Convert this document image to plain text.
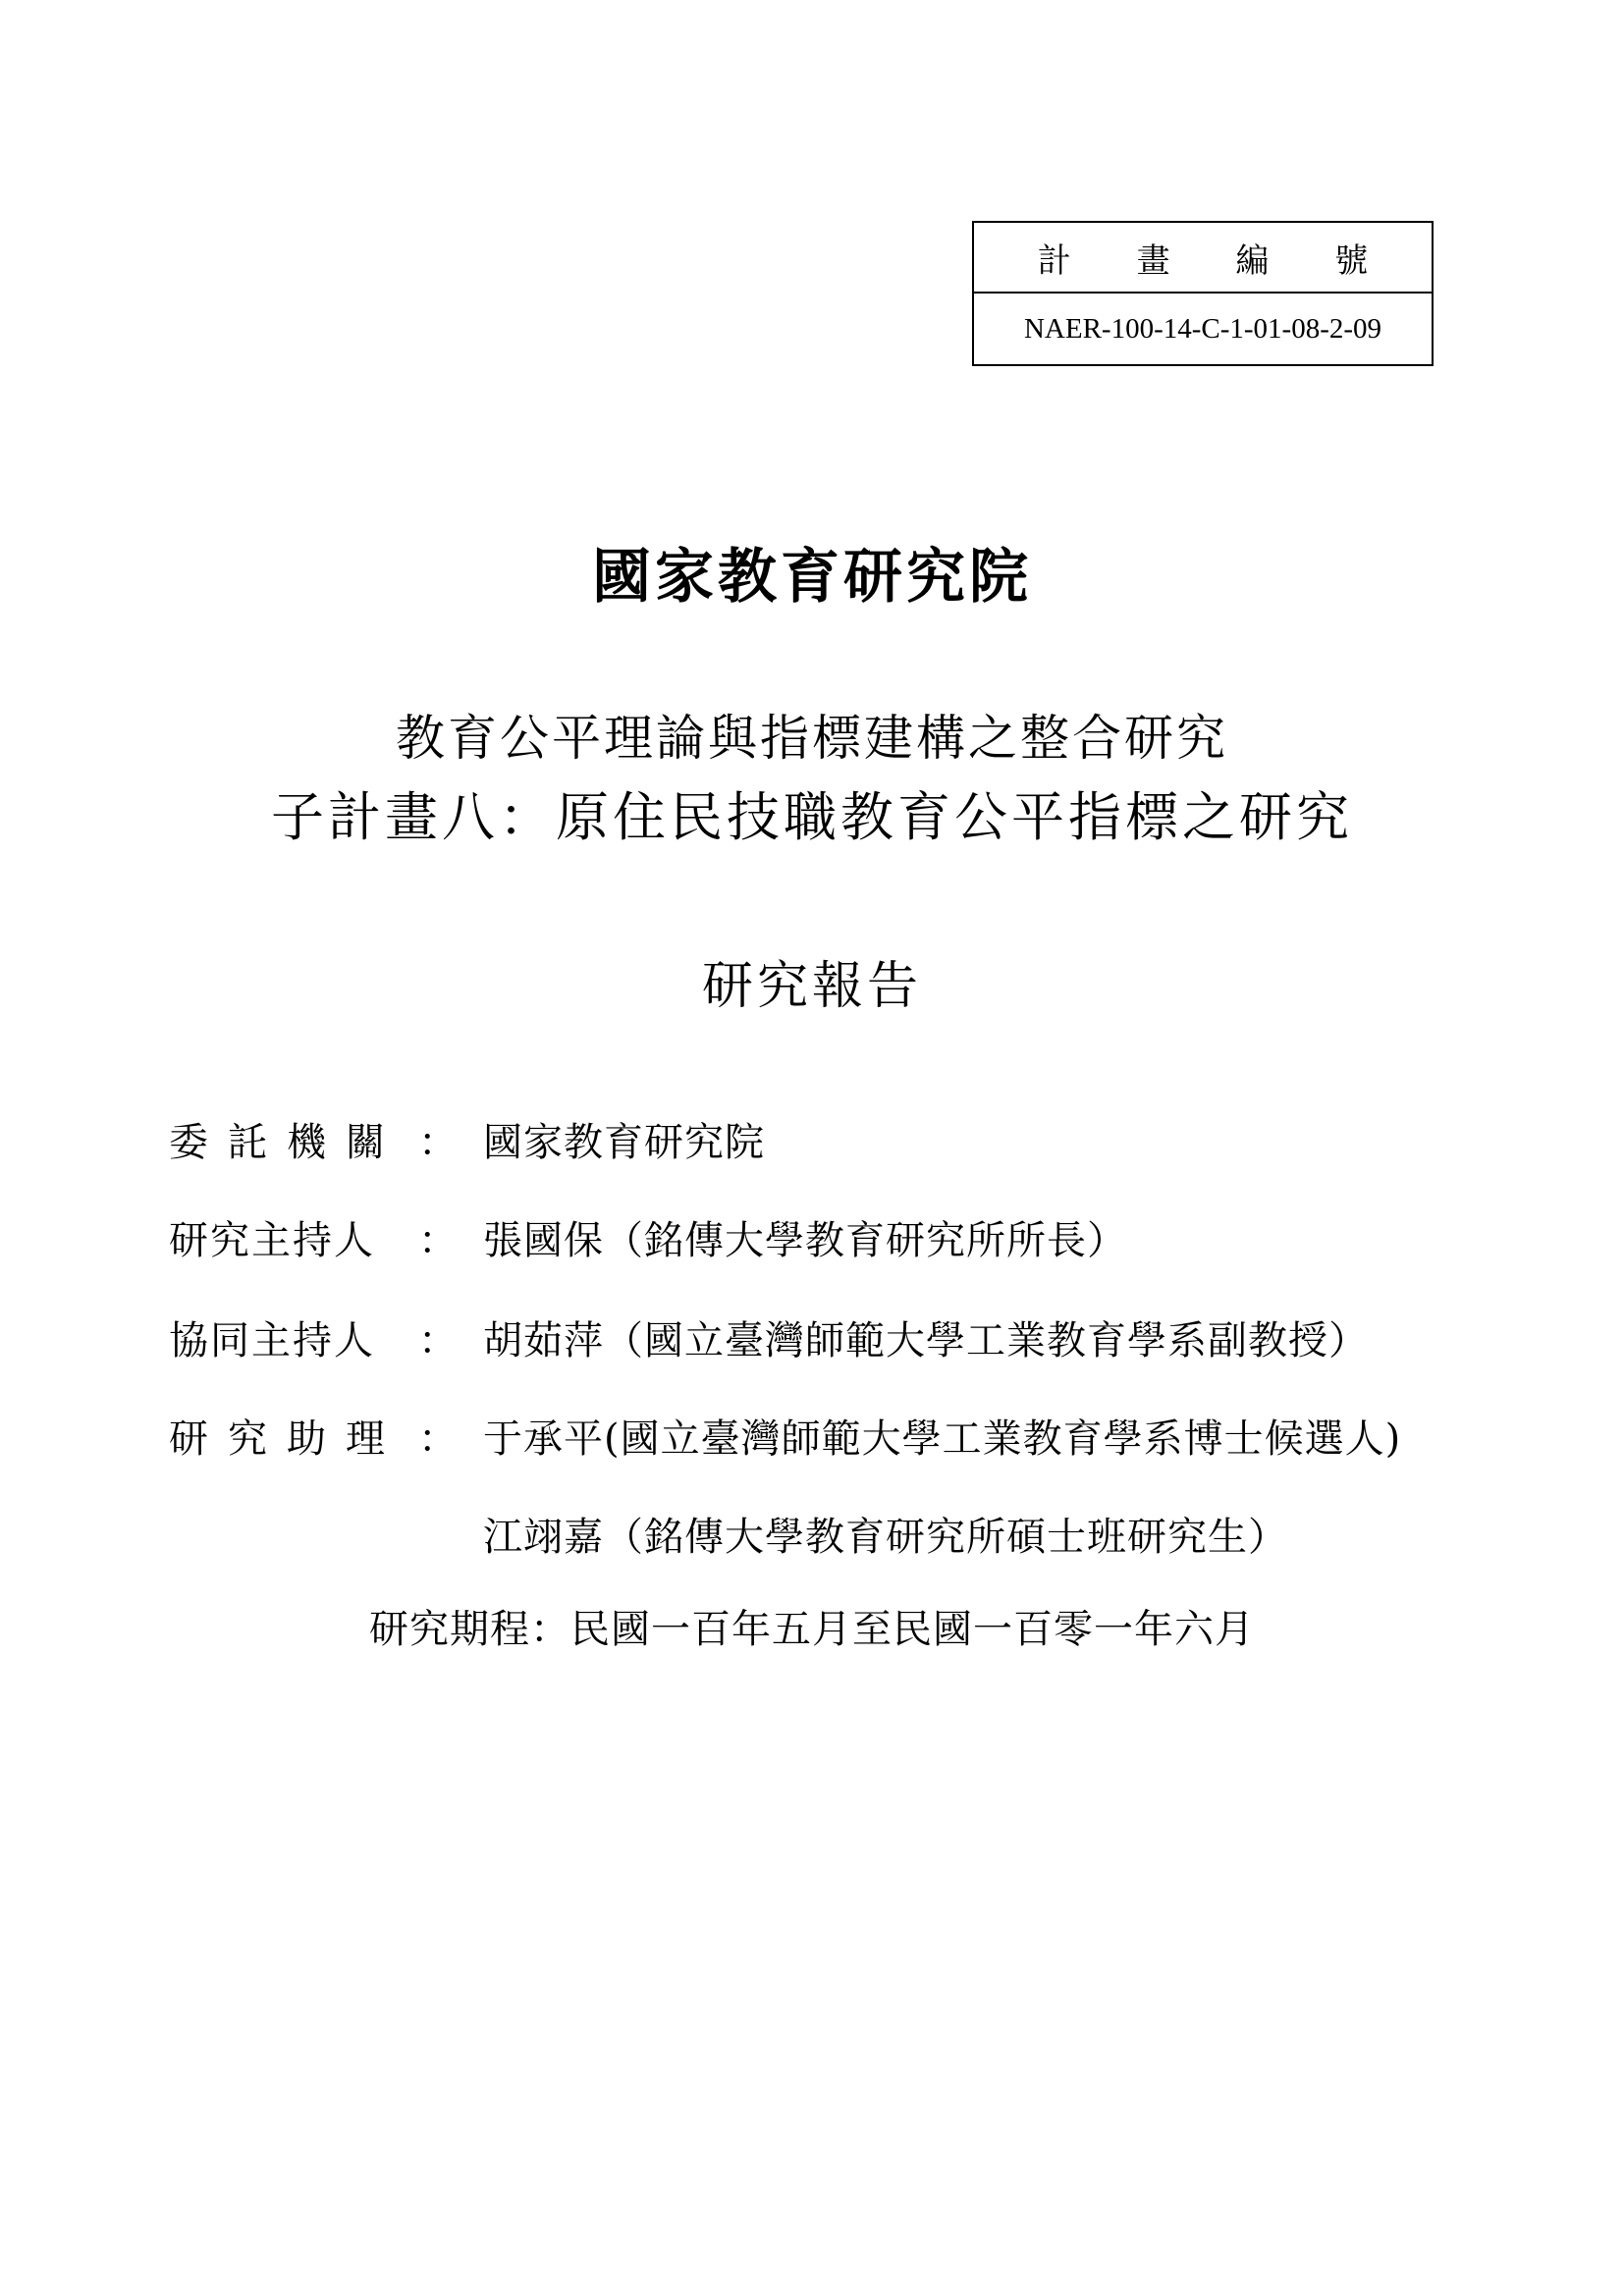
計 畫 編 號
NAER-100-14-C-1-01-08-2-09
國家教育研究院
教育公平理論與指標建構之整合研究
子計畫八：原住民技職教育公平指標之研究
研究報告
委託機關 ： 國家教育研究院
研究主持人	： 張國保（銘傳大學教育研究所所長）
協同主持人	： 胡茹萍（國立臺灣師範大學工業教育學系副教授）
研究助理 ： 于承平(國立臺灣師範大學工業教育學系博士候選人)
江翊嘉（銘傳大學教育研究所碩士班研究生）
研究期程：民國一百年五月至民國一百零一年六月
